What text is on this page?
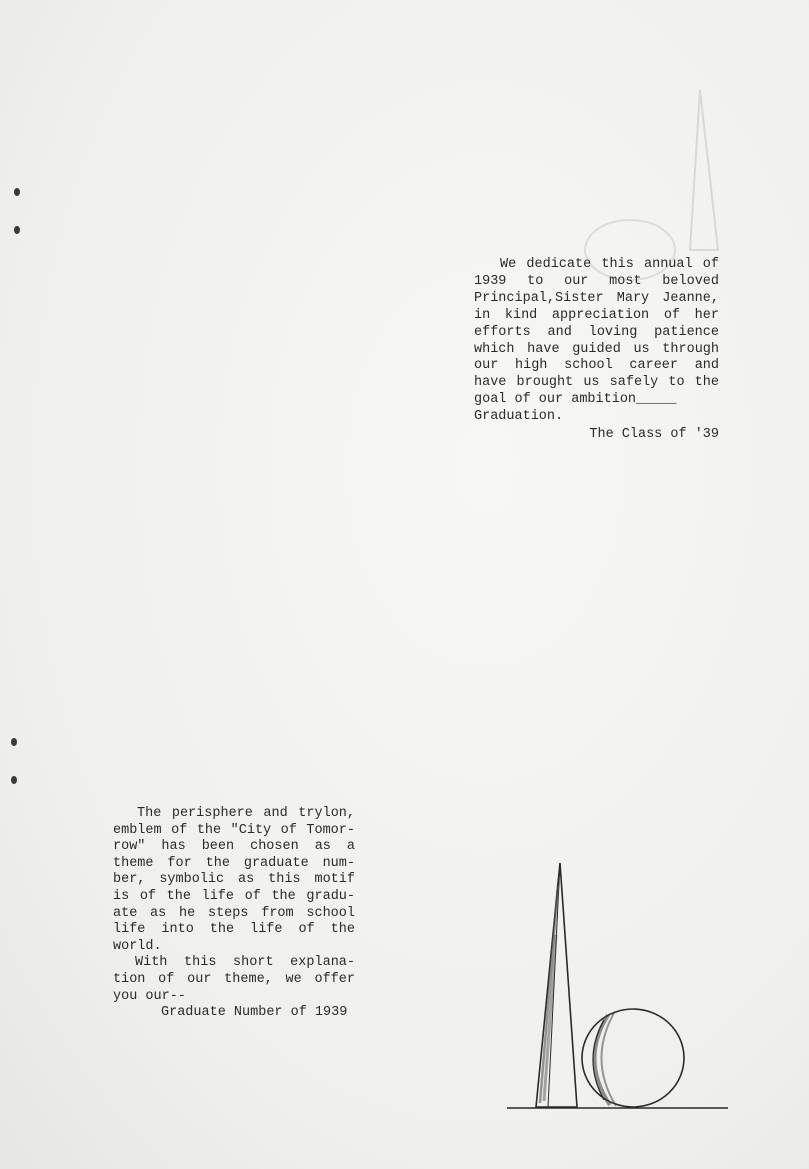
We dedicate this annual of
1939 to our most beloved
Principal,Sister Mary Jeanne,
in kind appreciation of her
efforts and loving patience
which have guided us through
our high school career and
have brought us safely to the
goal of our ambition_____
Graduation.
The Class of '39
The perisphere and trylon,
emblem of the "City of Tomor-
row" has been chosen as a
theme for the graduate num-
ber, symbolic as this motif
is of the life of the gradu-
ate as he steps from school
life into the life of the
world.
With this short explana-
tion of our theme, we offer
you our--
Graduate Number of 1939
